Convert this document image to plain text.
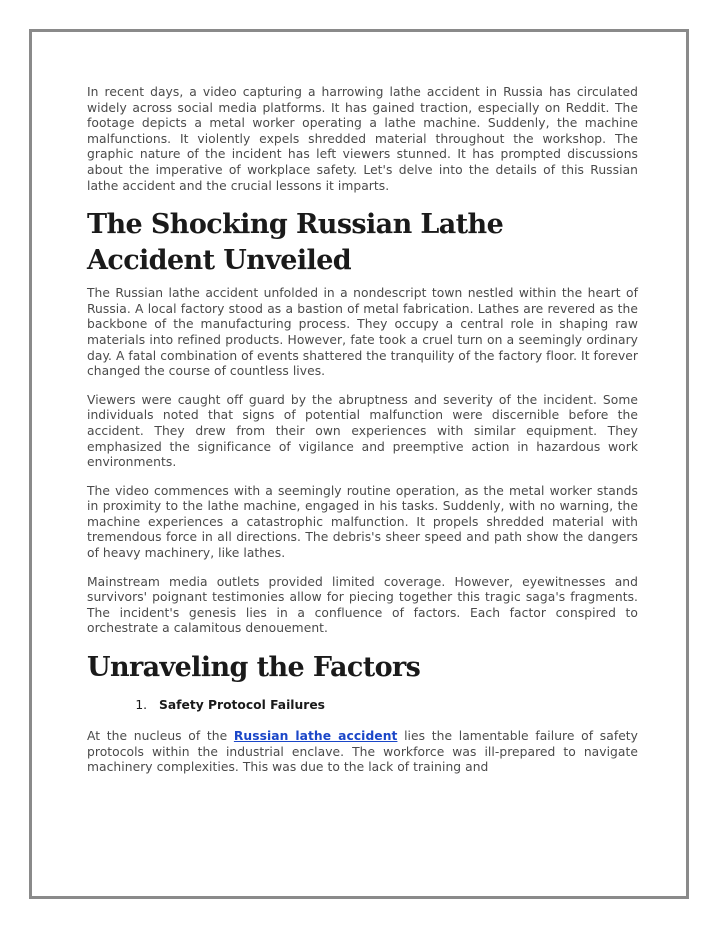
In recent days, a video capturing a harrowing lathe accident in Russia has circulated widely across social media platforms. It has gained traction, especially on Reddit. The footage depicts a metal worker operating a lathe machine. Suddenly, the machine malfunctions. It violently expels shredded material throughout the workshop. The graphic nature of the incident has left viewers stunned. It has prompted discussions about the imperative of workplace safety. Let's delve into the details of this Russian lathe accident and the crucial lessons it imparts.

The Shocking Russian Lathe Accident Unveiled

The Russian lathe accident unfolded in a nondescript town nestled within the heart of Russia. A local factory stood as a bastion of metal fabrication. Lathes are revered as the backbone of the manufacturing process. They occupy a central role in shaping raw materials into refined products. However, fate took a cruel turn on a seemingly ordinary day. A fatal combination of events shattered the tranquility of the factory floor. It forever changed the course of countless lives.

Viewers were caught off guard by the abruptness and severity of the incident. Some individuals noted that signs of potential malfunction were discernible before the accident. They drew from their own experiences with similar equipment. They emphasized the significance of vigilance and preemptive action in hazardous work environments.

The video commences with a seemingly routine operation, as the metal worker stands in proximity to the lathe machine, engaged in his tasks. Suddenly, with no warning, the machine experiences a catastrophic malfunction. It propels shredded material with tremendous force in all directions. The debris's sheer speed and path show the dangers of heavy machinery, like lathes.

Mainstream media outlets provided limited coverage. However, eyewitnesses and survivors' poignant testimonies allow for piecing together this tragic saga's fragments. The incident's genesis lies in a confluence of factors. Each factor conspired to orchestrate a calamitous denouement.

Unraveling the Factors
1. Safety Protocol Failures

At the nucleus of the Russian lathe accident lies the lamentable failure of safety protocols within the industrial enclave. The workforce was ill-prepared to navigate machinery complexities. This was due to the lack of training and
